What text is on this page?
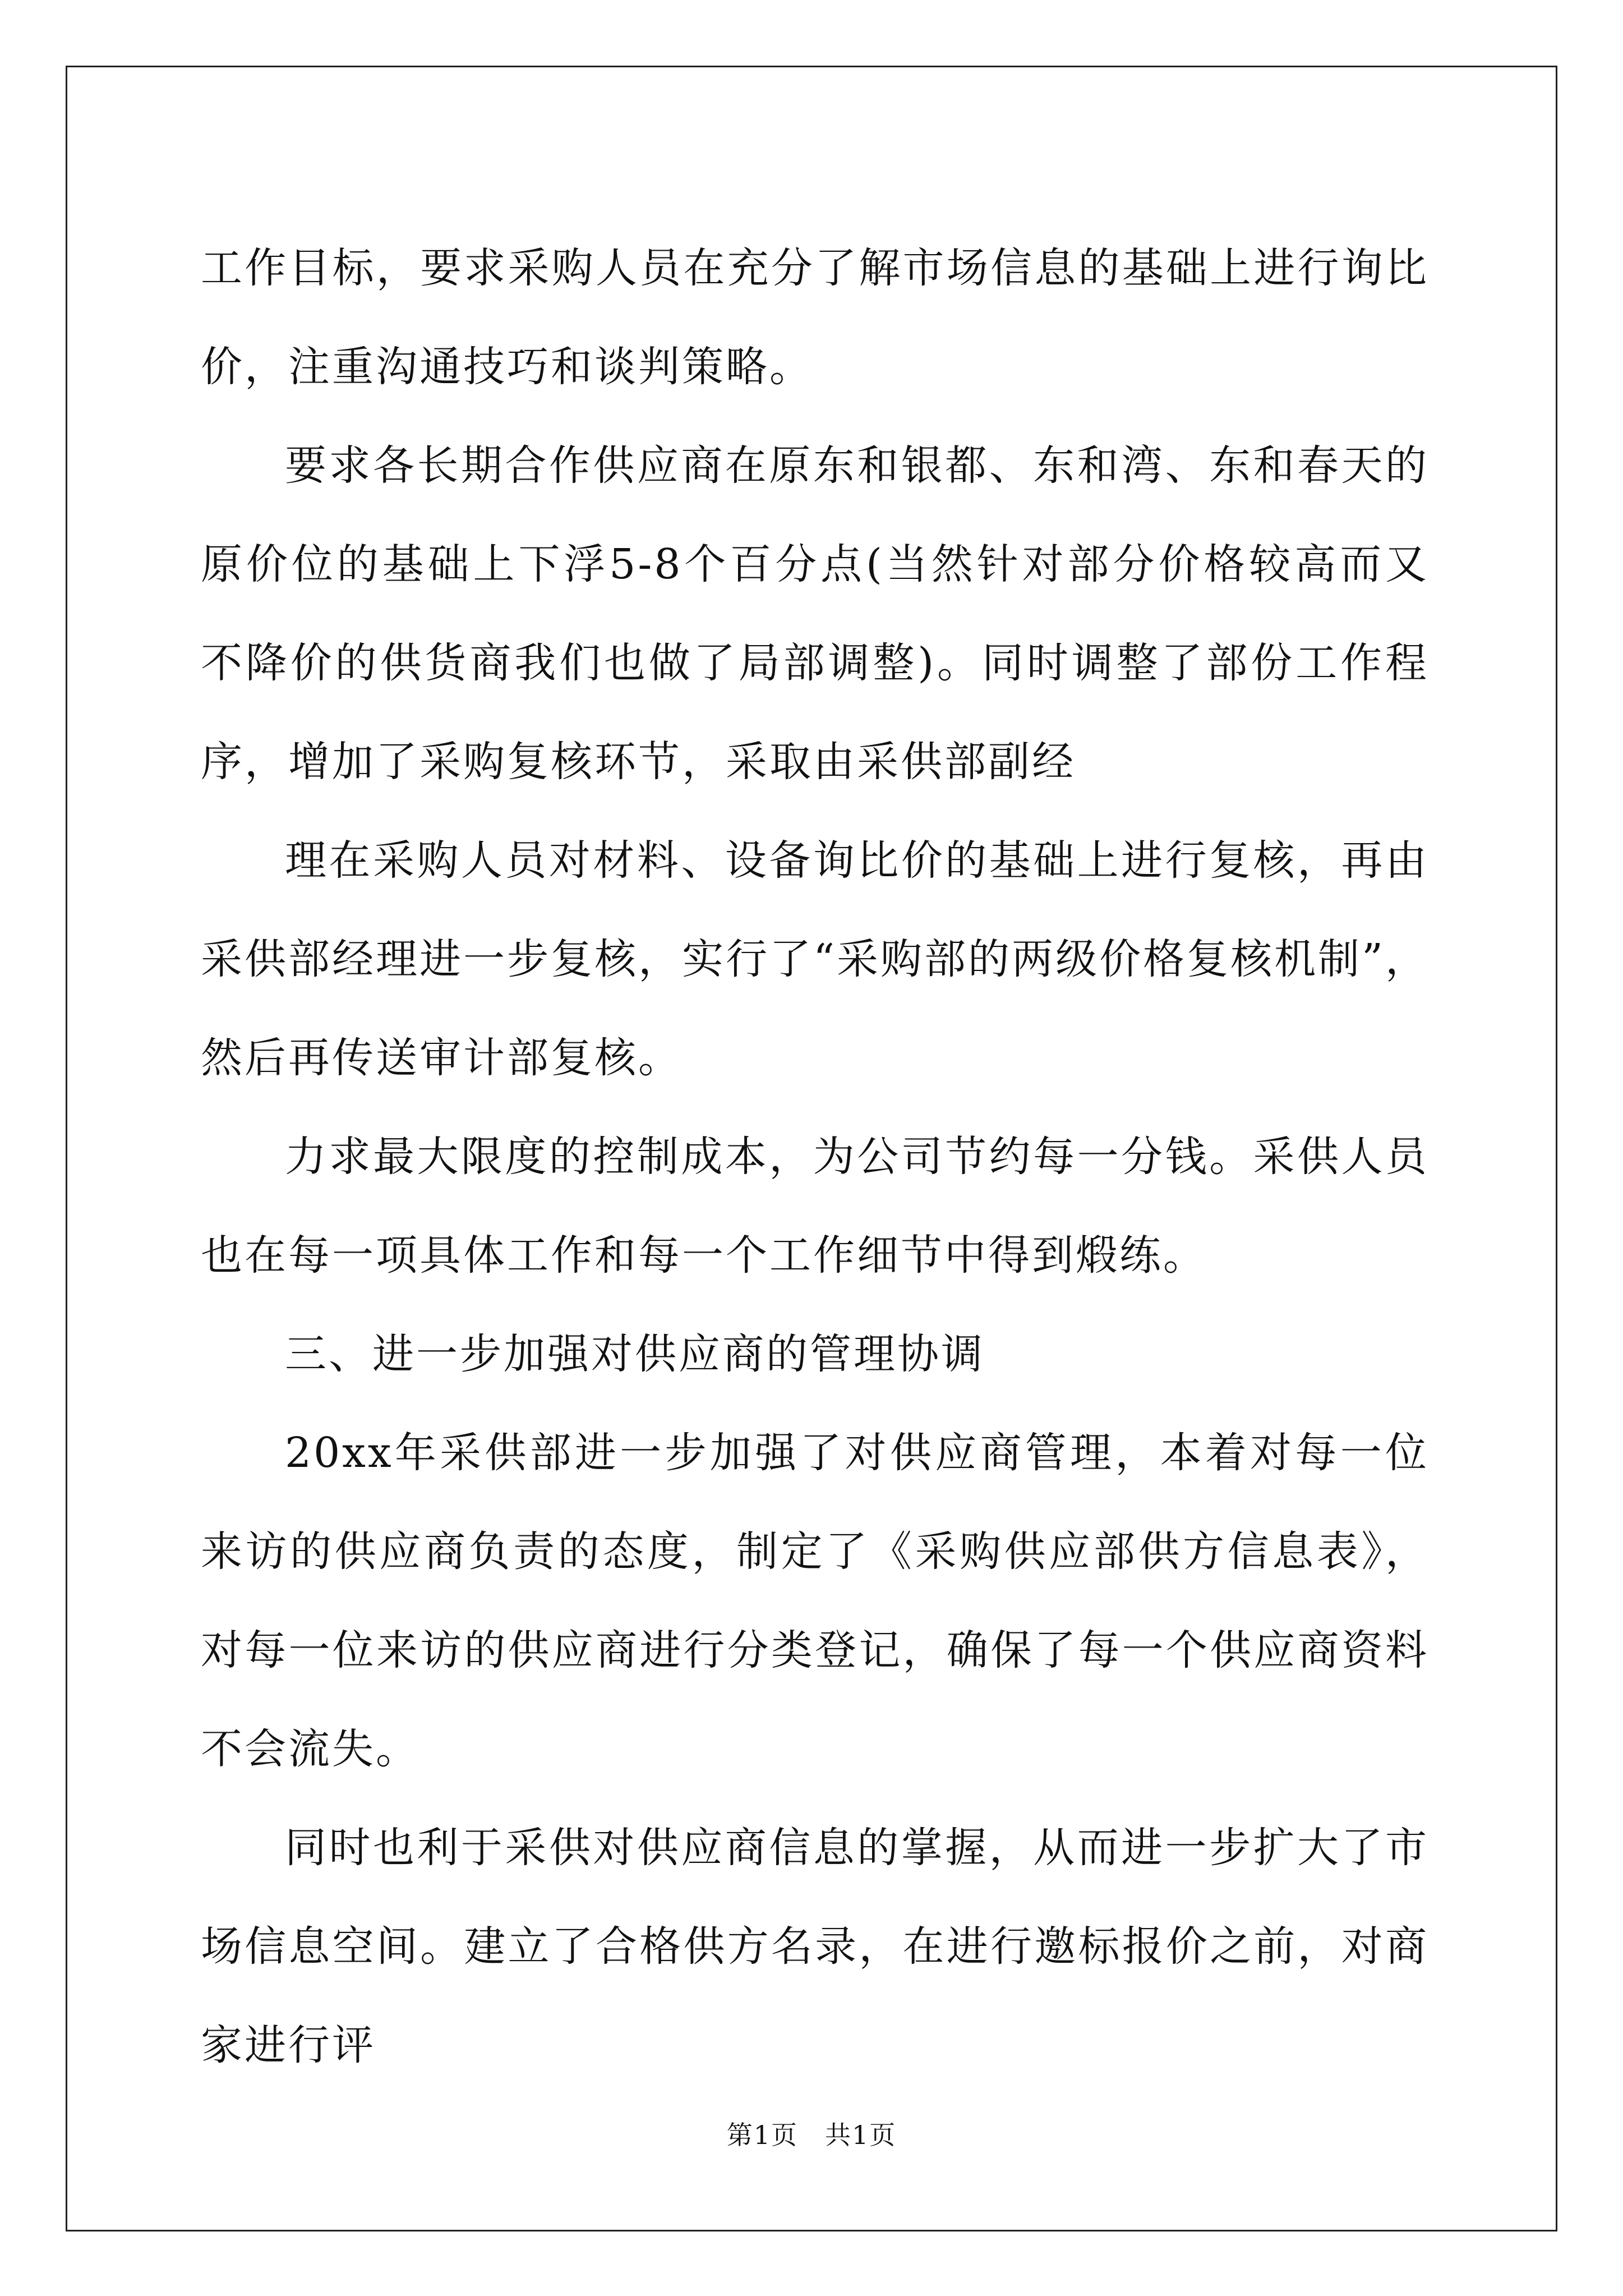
工作目标，要求采购人员在充分了解市场信息的基础上进行询比价，注重沟通技巧和谈判策略。

要求各长期合作供应商在原东和银都、东和湾、东和春天的原价位的基础上下浮5-8个百分点(当然针对部分价格较高而又不降价的供货商我们也做了局部调整)。同时调整了部份工作程序，增加了采购复核环节，采取由采供部副经

理在采购人员对材料、设备询比价的基础上进行复核，再由采供部经理进一步复核，实行了“采购部的两级价格复核机制”，然后再传送审计部复核。

力求最大限度的控制成本，为公司节约每一分钱。采供人员也在每一项具体工作和每一个工作细节中得到煅练。

三、进一步加强对供应商的管理协调

20xx年采供部进一步加强了对供应商管理，本着对每一位来访的供应商负责的态度，制定了《采购供应部供方信息表》，对每一位来访的供应商进行分类登记，确保了每一个供应商资料不会流失。

同时也利于采供对供应商信息的掌握，从而进一步扩大了市场信息空间。建立了合格供方名录，在进行邀标报价之前，对商家进行评

第1页　共1页
